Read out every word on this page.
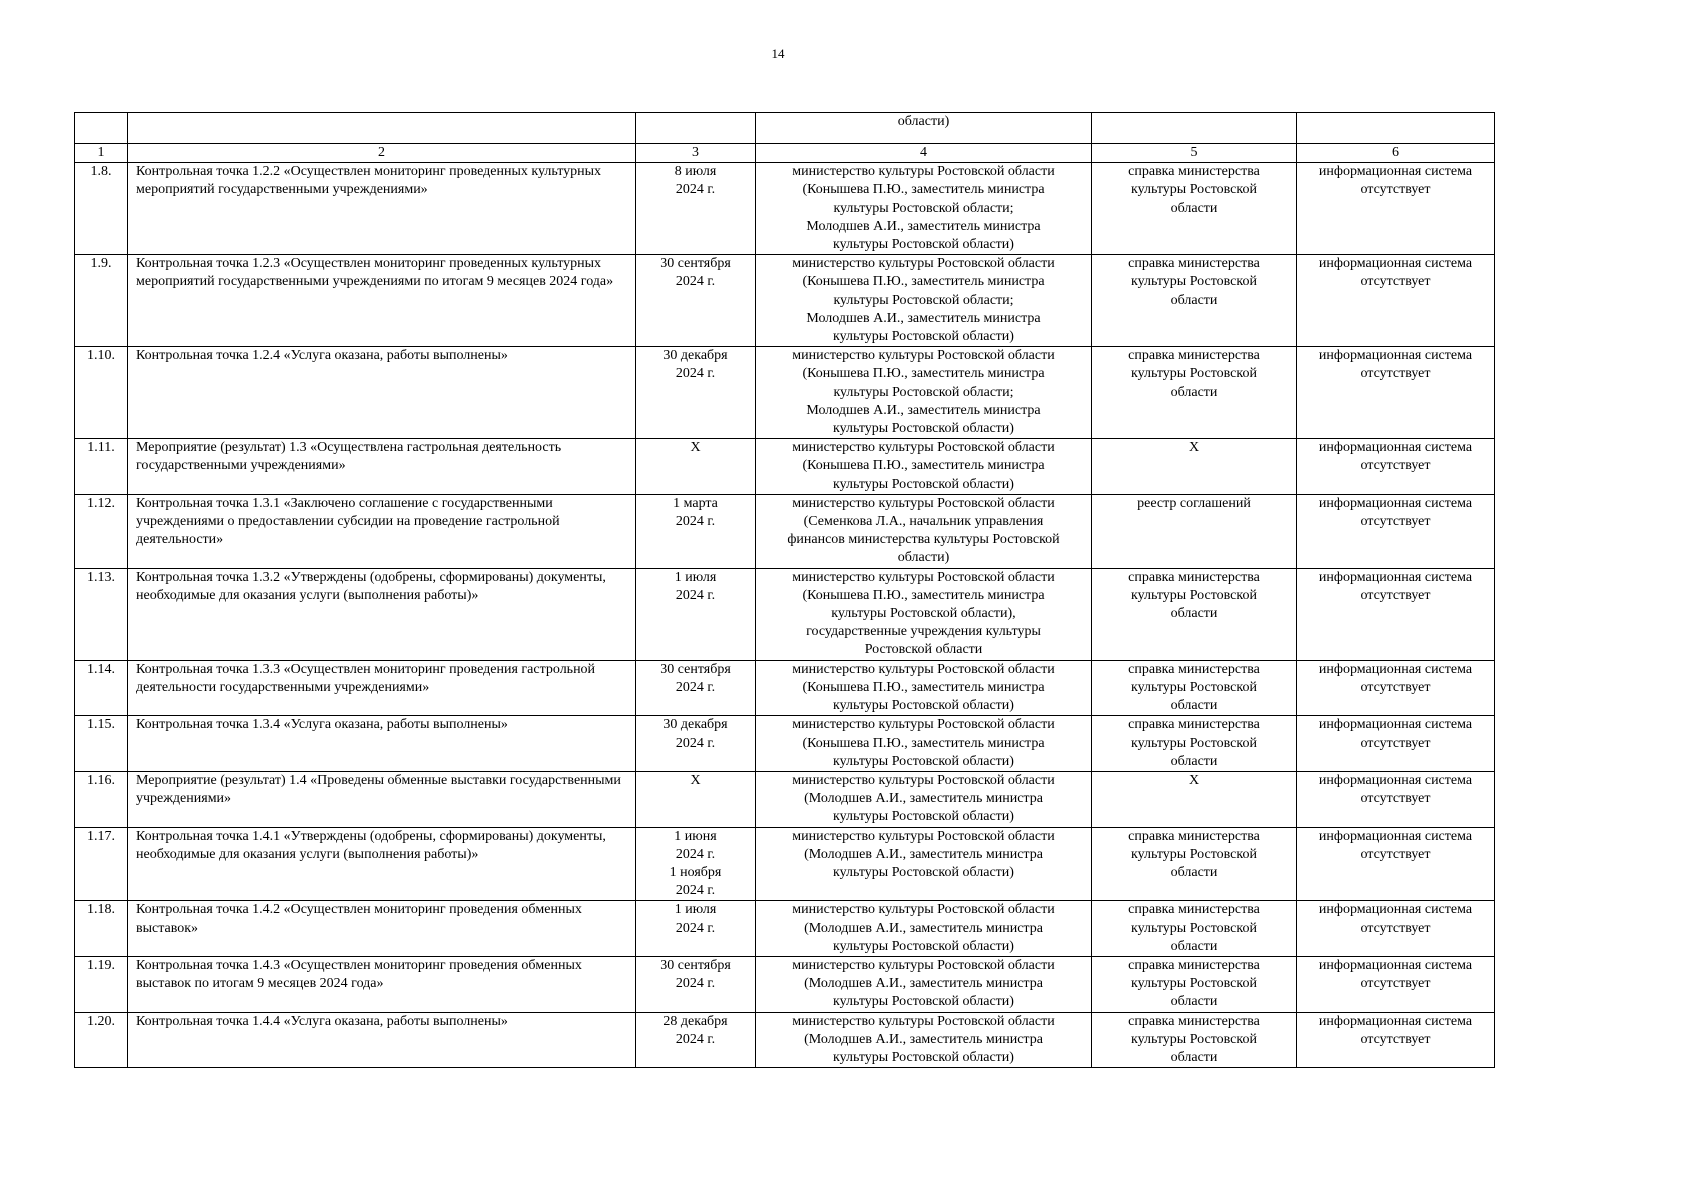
14
			области)		
1	2	3	4	5	6
1.8.	Контрольная точка 1.2.2 «Осуществлен мониторинг проведенных культурных мероприятий государственными учреждениями»	8 июля
2024 г.	министерство культуры Ростовской области
(Конышева П.Ю., заместитель министра
культуры Ростовской области;
Молодшев А.И., заместитель министра
культуры Ростовской области)	справка министерства
культуры Ростовской
области	информационная система
отсутствует
1.9.	Контрольная точка 1.2.3 «Осуществлен мониторинг проведенных культурных мероприятий государственными учреждениями по итогам 9 месяцев 2024 года»	30 сентября
2024 г.	министерство культуры Ростовской области
(Конышева П.Ю., заместитель министра
культуры Ростовской области;
Молодшев А.И., заместитель министра
культуры Ростовской области)	справка министерства
культуры Ростовской
области	информационная система
отсутствует
1.10.	Контрольная точка 1.2.4 «Услуга оказана, работы выполнены»	30 декабря
2024 г.	министерство культуры Ростовской области
(Конышева П.Ю., заместитель министра
культуры Ростовской области;
Молодшев А.И., заместитель министра
культуры Ростовской области)	справка министерства
культуры Ростовской
области	информационная система
отсутствует
1.11.	Мероприятие (результат) 1.3 «Осуществлена гастрольная деятельность государственными учреждениями»	Х	министерство культуры Ростовской области
(Конышева П.Ю., заместитель министра
культуры Ростовской области)	Х	информационная система
отсутствует
1.12.	Контрольная точка 1.3.1 «Заключено соглашение с государственными учреждениями о предоставлении субсидии на проведение гастрольной деятельности»	1 марта
2024 г.	министерство культуры Ростовской области
(Семенкова Л.А., начальник управления
финансов министерства культуры Ростовской
области)	реестр соглашений	информационная система
отсутствует
1.13.	Контрольная точка 1.3.2 «Утверждены (одобрены, сформированы) документы, необходимые для оказания услуги (выполнения работы)»	1 июля
2024 г.	министерство культуры Ростовской области
(Конышева П.Ю., заместитель министра
культуры Ростовской области),
государственные учреждения культуры
Ростовской области	справка министерства
культуры Ростовской
области	информационная система
отсутствует
1.14.	Контрольная точка 1.3.3 «Осуществлен мониторинг проведения гастрольной деятельности государственными учреждениями»	30 сентября
2024 г.	министерство культуры Ростовской области
(Конышева П.Ю., заместитель министра
культуры Ростовской области)	справка министерства
культуры Ростовской
области	информационная система
отсутствует
1.15.	Контрольная точка 1.3.4 «Услуга оказана, работы выполнены»	30 декабря
2024 г.	министерство культуры Ростовской области
(Конышева П.Ю., заместитель министра
культуры Ростовской области)	справка министерства
культуры Ростовской
области	информационная система
отсутствует
1.16.	Мероприятие (результат) 1.4 «Проведены обменные выставки государственными учреждениями»	Х	министерство культуры Ростовской области
(Молодшев А.И., заместитель министра
культуры Ростовской области)	Х	информационная система
отсутствует
1.17.	Контрольная точка 1.4.1 «Утверждены (одобрены, сформированы) документы, необходимые для оказания услуги (выполнения работы)»	1 июня
2024 г.
1 ноября
2024 г.	министерство культуры Ростовской области
(Молодшев А.И., заместитель министра
культуры Ростовской области)	справка министерства
культуры Ростовской
области	информационная система
отсутствует
1.18.	Контрольная точка 1.4.2 «Осуществлен мониторинг проведения обменных выставок»	1 июля
2024 г.	министерство культуры Ростовской области
(Молодшев А.И., заместитель министра
культуры Ростовской области)	справка министерства
культуры Ростовской
области	информационная система
отсутствует
1.19.	Контрольная точка 1.4.3 «Осуществлен мониторинг проведения обменных выставок по итогам 9 месяцев 2024 года»	30 сентября
2024 г.	министерство культуры Ростовской области
(Молодшев А.И., заместитель министра
культуры Ростовской области)	справка министерства
культуры Ростовской
области	информационная система
отсутствует
1.20.	Контрольная точка 1.4.4 «Услуга оказана, работы выполнены»	28 декабря
2024 г.	министерство культуры Ростовской области
(Молодшев А.И., заместитель министра
культуры Ростовской области)	справка министерства
культуры Ростовской
области	информационная система
отсутствует
